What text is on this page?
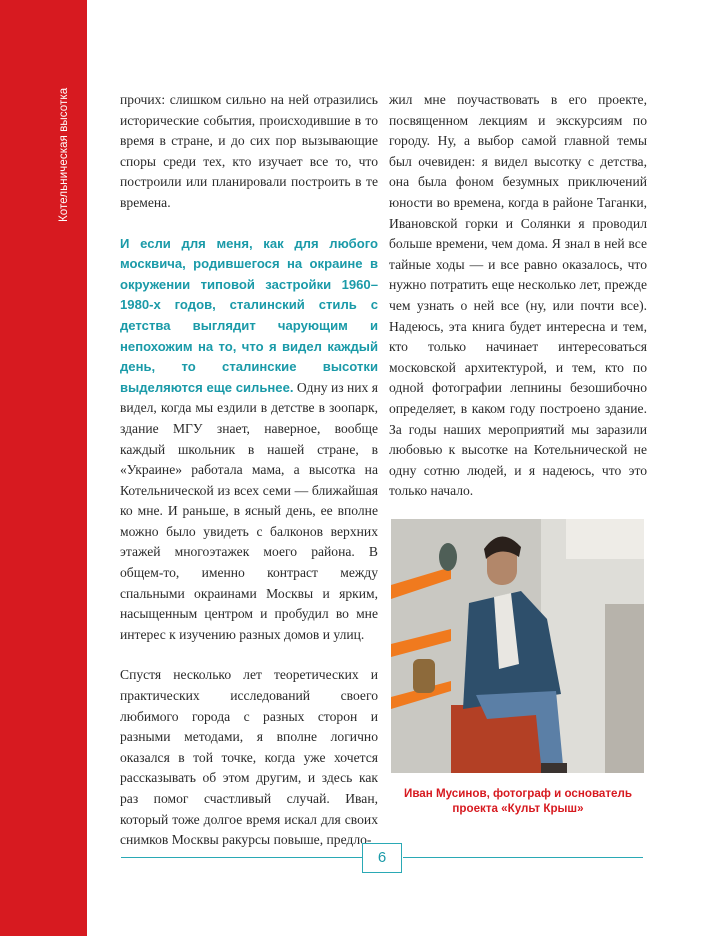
Котельническая высотка	прочих: слишком сильно на ней отразились исторические события, происходившие в то время в стране, и до сих пор вызывающие споры среди тех, кто изучает все то, что построили или планировали построить в те времена.

И если для меня, как для любого москвича, родившегося на окраине в окружении типовой застройки 1960–1980-х годов, сталинский стиль с детства выглядит чарующим и непохожим на то, что я видел каждый день, то сталинские высотки выделяются еще сильнее. Одну из них я видел, когда мы ездили в детстве в зоопарк, здание МГУ знает, наверное, вообще каждый школьник в нашей стране, в «Украине» работала мама, а высотка на Котельнической из всех семи — ближайшая ко мне. И раньше, в ясный день, ее вполне можно было увидеть с балконов верхних этажей многоэтажек моего района. В общем-то, именно контраст между спальными окраинами Москвы и ярким, насыщенным центром и пробудил во мне интерес к изучению разных домов и улиц.

Спустя несколько лет теоретических и практических исследований своего любимого города с разных сторон и разными методами, я вполне логично оказался в той точке, когда уже хочется рассказывать об этом другим, и здесь как раз помог счастливый случай. Иван, который тоже долгое время искал для своих снимков Москвы ракурсы повыше, предло-

жил мне поучаствовать в его проекте, посвященном лекциям и экскурсиям по городу. Ну, а выбор самой главной темы был очевиден: я видел высотку с детства, она была фоном безумных приключений юности во времена, когда в районе Таганки, Ивановской горки и Солянки я проводил больше времени, чем дома. Я знал в ней все тайные ходы — и все равно оказалось, что нужно потратить еще несколько лет, прежде чем узнать о ней все (ну, или почти все). Надеюсь, эта книга будет интересна и тем, кто только начинает интересоваться московской архитектурой, и тем, кто по одной фотографии лепнины безошибочно определяет, в каком году построено здание. За годы наших мероприятий мы заразили любовью к высотке на Котельнической не одну сотню людей, и я надеюсь, что это только начало.

Иван Мусинов, фотограф и основатель
проекта «Культ Крыш»
6
